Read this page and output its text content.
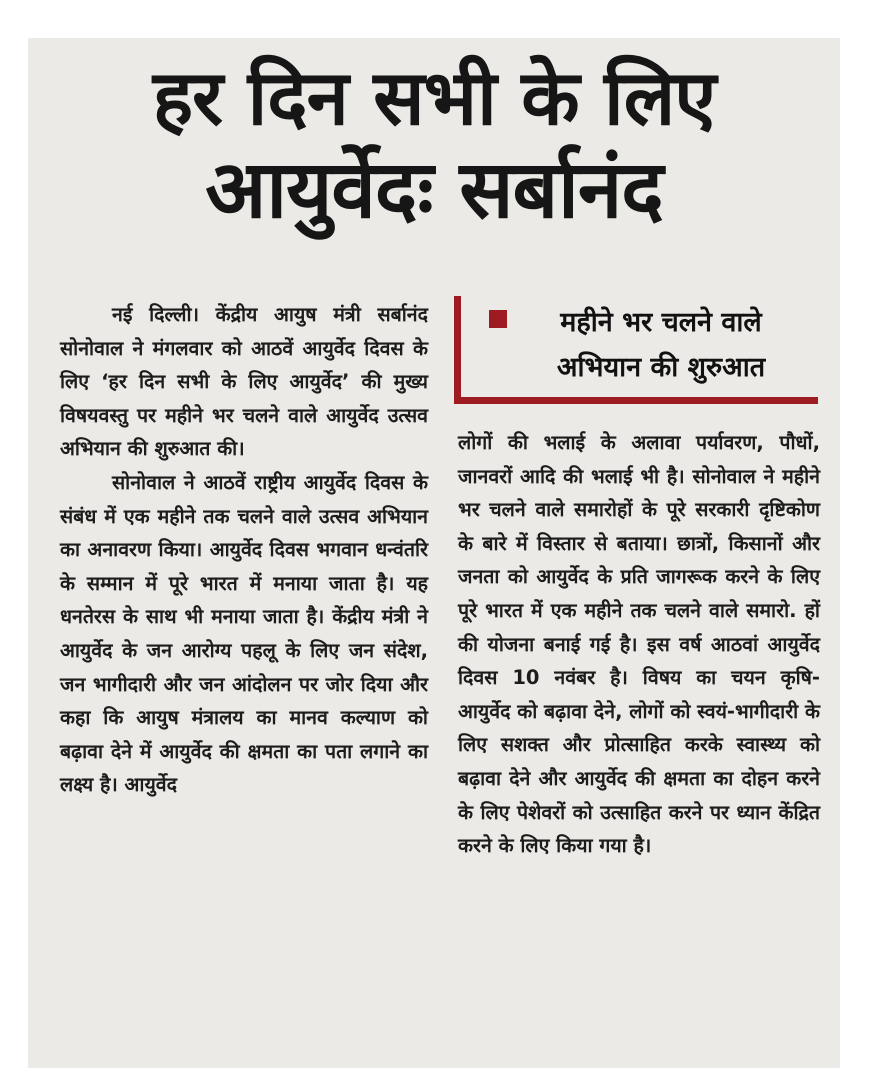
हर दिन सभी के लिए
आयुर्वेदः सर्बानंद

नई दिल्ली। केंद्रीय आयुष मंत्री सर्बानंद सोनोवाल ने मंगलवार को आठवें आयुर्वेद दिवस के लिए ‘हर दिन सभी के लिए आयुर्वेद’ की मुख्य विषयवस्तु पर महीने भर चलने वाले आयुर्वेद उत्सव अभियान की शुरुआत की।

सोनोवाल ने आठवें राष्ट्रीय आयुर्वेद दिवस के संबंध में एक महीने तक चलने वाले उत्सव अभियान का अनावरण किया। आयुर्वेद दिवस भगवान धन्वंतरि के सम्मान में पूरे भारत में मनाया जाता है। यह धनतेरस के साथ भी मनाया जाता है। केंद्रीय मंत्री ने आयुर्वेद के जन आरोग्य पहलू के लिए जन संदेश, जन भागीदारी और जन आंदोलन पर जोर दिया और कहा कि आयुष मंत्रालय का मानव कल्याण को बढ़ावा देने में आयुर्वेद की क्षमता का पता लगाने का लक्ष्य है। आयुर्वेद

महीने भर चलने वाले
अभियान की शुरुआत

लोगों की भलाई के अलावा पर्यावरण, पौधों, जानवरों आदि की भलाई भी है। सोनोवाल ने महीने भर चलने वाले समारोहों के पूरे सरकारी दृष्टिकोण के बारे में विस्तार से बताया। छात्रों, किसानों और जनता को आयुर्वेद के प्रति जागरूक करने के लिए पूरे भारत में एक महीने तक चलने वाले समारो. हों की योजना बनाई गई है। इस वर्ष आठवां आयुर्वेद दिवस 10 नवंबर है। विषय का चयन कृषि- आयुर्वेद को बढ़ावा देने, लोगों को स्वयं-भागीदारी के लिए सशक्त और प्रोत्साहित करके स्वास्थ्य को बढ़ावा देने और आयुर्वेद की क्षमता का दोहन करने के लिए पेशेवरों को उत्साहित करने पर ध्यान केंद्रित करने के लिए किया गया है।
